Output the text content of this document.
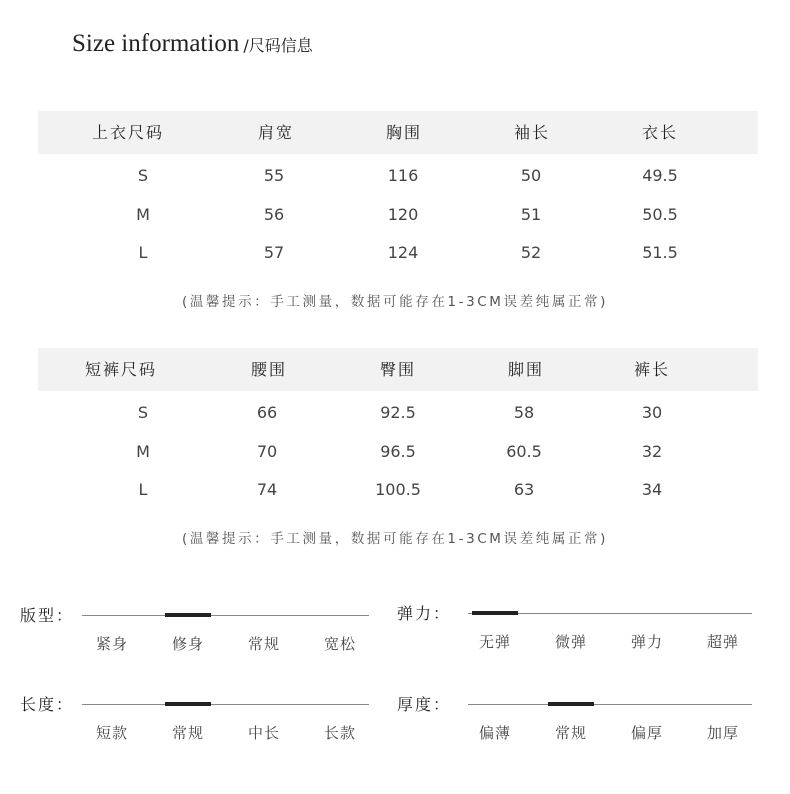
Size information /尺码信息
上衣尺码	肩宽	胸围	袖长	衣长
S	55	116	50	49.5
M	56	120	51	50.5
L	57	124	52	51.5
(温馨提示：手工测量，数据可能存在1-3CM误差纯属正常)
短裤尺码	腰围	臀围	脚围	裤长
S	66	92.5	58	30
M	70	96.5	60.5	32
L	74	100.5	63	34
(温馨提示：手工测量，数据可能存在1-3CM误差纯属正常)
版型：
紧身	修身	常规	宽松
弹力：
无弹	微弹	弹力	超弹
长度：
短款	常规	中长	长款
厚度：
偏薄	常规	偏厚	加厚
